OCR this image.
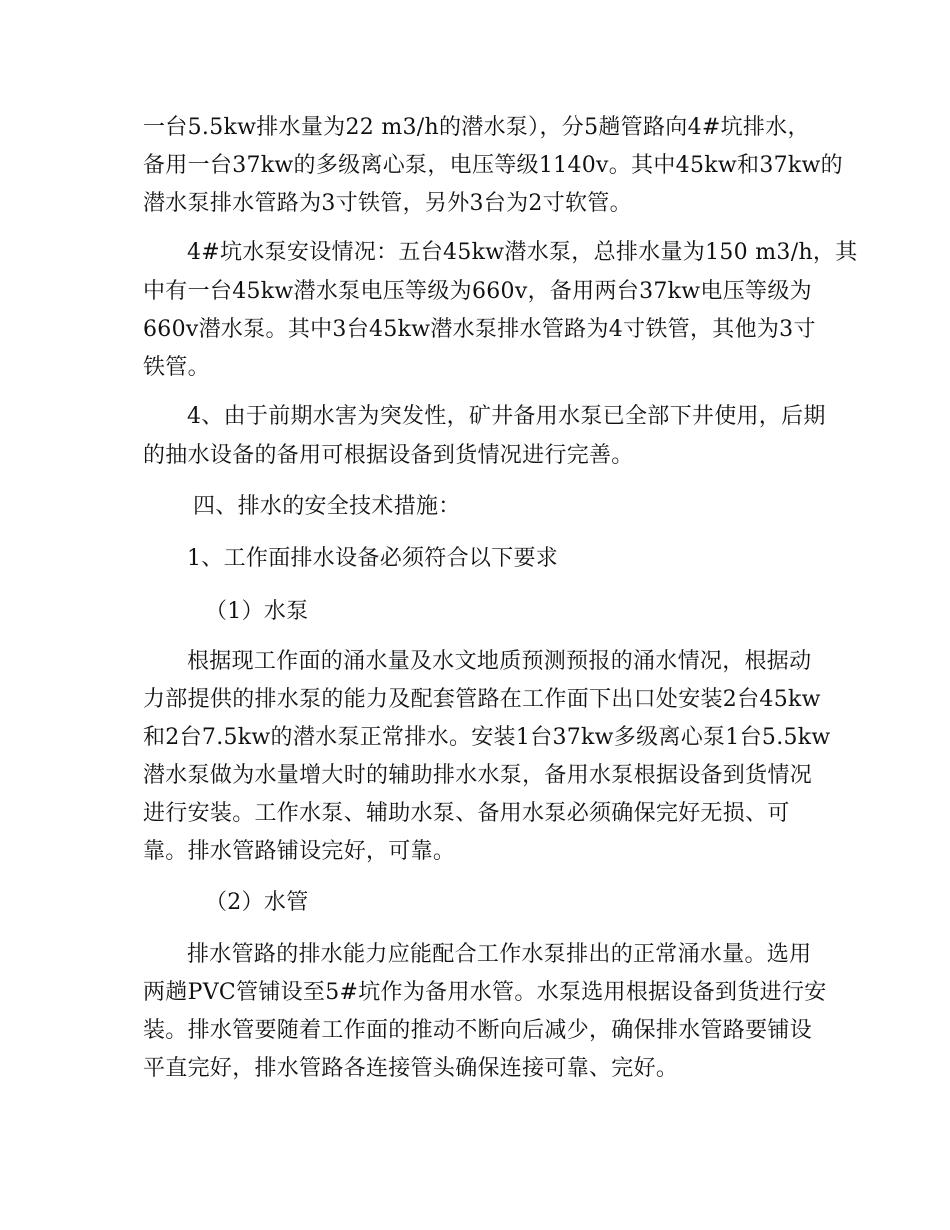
一台5.5kw排水量为22 m3/h的潜水泵），分5趟管路向4#坑排水，
备用一台37kw的多级离心泵，电压等级1140v。其中45kw和37kw的
潜水泵排水管路为3寸铁管，另外3台为2寸软管。
4#坑水泵安设情况：五台45kw潜水泵，总排水量为150 m3/h，其
中有一台45kw潜水泵电压等级为660v，备用两台37kw电压等级为
660v潜水泵。其中3台45kw潜水泵排水管路为4寸铁管，其他为3寸
铁管。
4、由于前期水害为突发性，矿井备用水泵已全部下井使用，后期
的抽水设备的备用可根据设备到货情况进行完善。
四、排水的安全技术措施：
1、工作面排水设备必须符合以下要求
（1）水泵
根据现工作面的涌水量及水文地质预测预报的涌水情况，根据动
力部提供的排水泵的能力及配套管路在工作面下出口处安装2台45kw
和2台7.5kw的潜水泵正常排水。安装1台37kw多级离心泵1台5.5kw
潜水泵做为水量增大时的辅助排水水泵，备用水泵根据设备到货情况
进行安装。工作水泵、辅助水泵、备用水泵必须确保完好无损、可
靠。排水管路铺设完好，可靠。
（2）水管
排水管路的排水能力应能配合工作水泵排出的正常涌水量。选用
两趟PVC管铺设至5#坑作为备用水管。水泵选用根据设备到货进行安
装。排水管要随着工作面的推动不断向后减少，确保排水管路要铺设
平直完好，排水管路各连接管头确保连接可靠、完好。
